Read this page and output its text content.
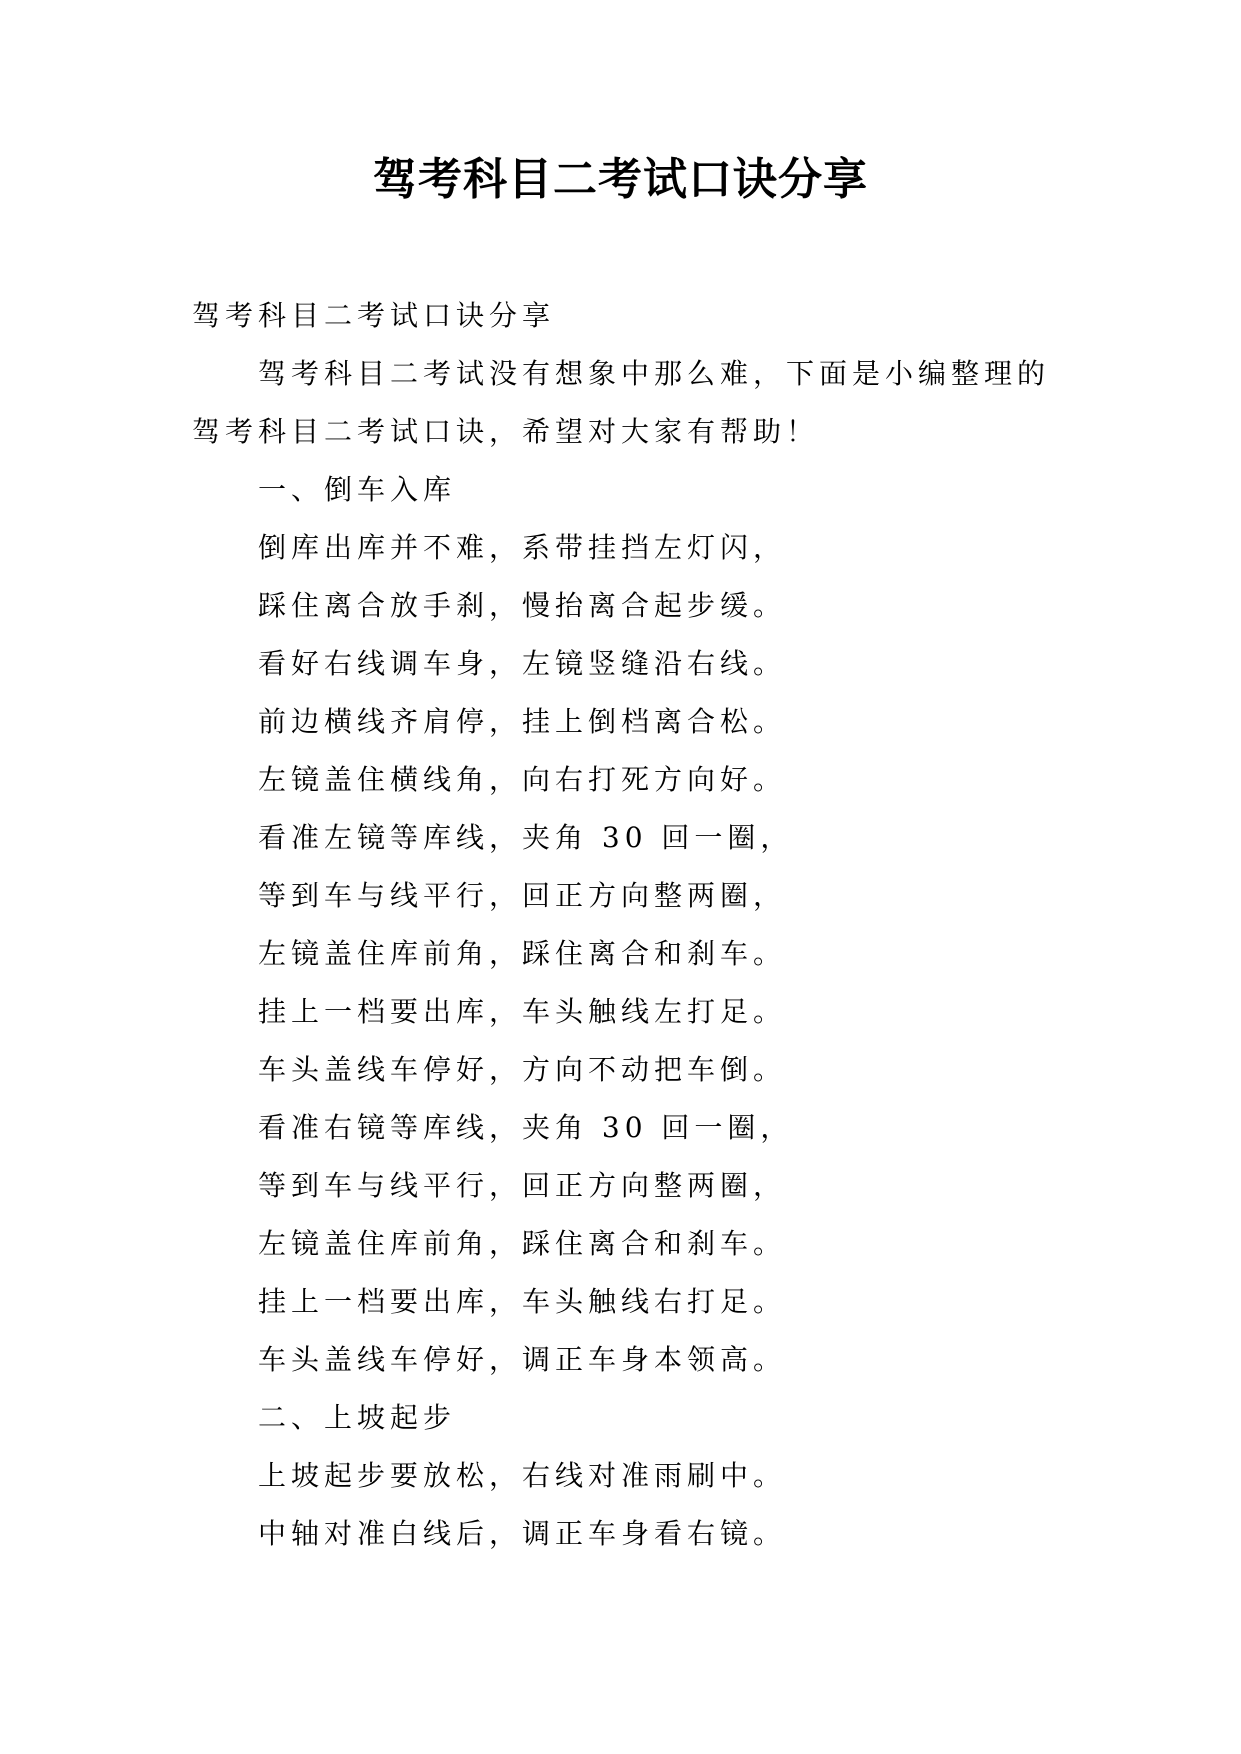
驾考科目二考试口诀分享

驾考科目二考试口诀分享

驾考科目二考试没有想象中那么难，下面是小编整理的

驾考科目二考试口诀，希望对大家有帮助！

一、倒车入库

倒库出库并不难，系带挂挡左灯闪，

踩住离合放手刹，慢抬离合起步缓。

看好右线调车身，左镜竖缝沿右线。

前边横线齐肩停，挂上倒档离合松。

左镜盖住横线角，向右打死方向好。

看准左镜等库线，夹角 30 回一圈，

等到车与线平行，回正方向整两圈，

左镜盖住库前角，踩住离合和刹车。

挂上一档要出库，车头触线左打足。

车头盖线车停好，方向不动把车倒。

看准右镜等库线，夹角 30 回一圈，

等到车与线平行，回正方向整两圈，

左镜盖住库前角，踩住离合和刹车。

挂上一档要出库，车头触线右打足。

车头盖线车停好，调正车身本领高。

二、上坡起步

上坡起步要放松，右线对准雨刷中。

中轴对准白线后，调正车身看右镜。
